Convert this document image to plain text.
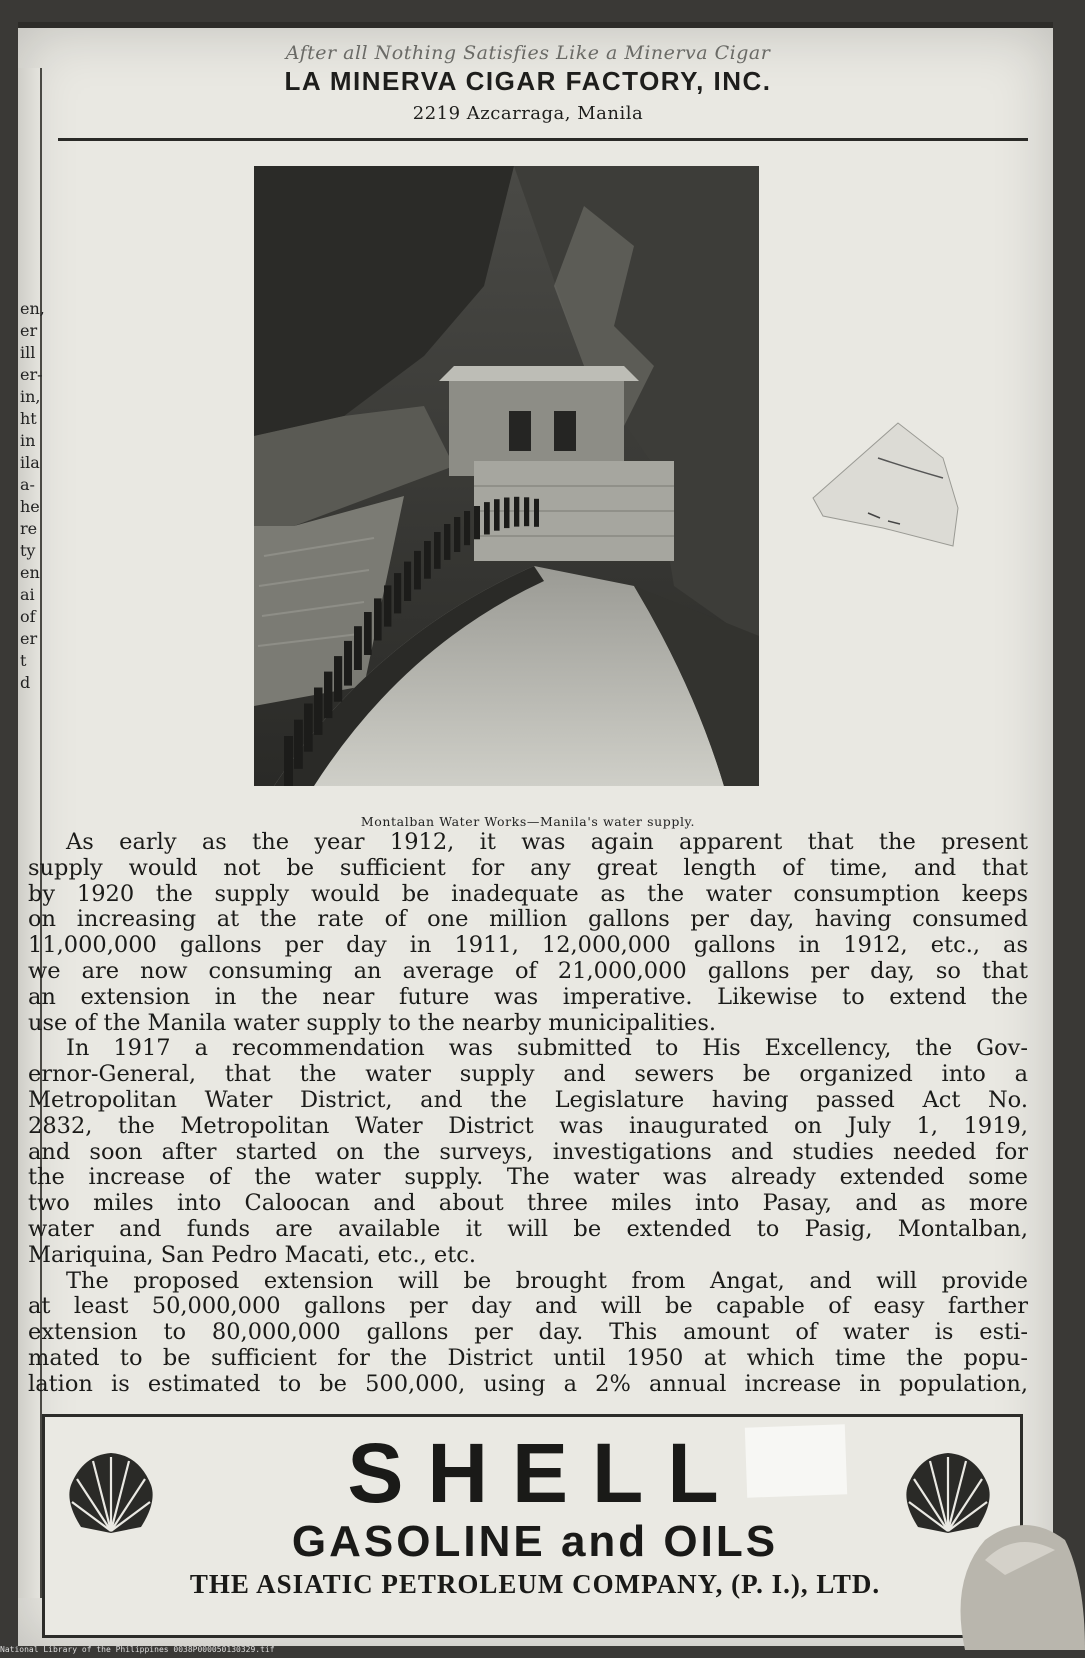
en,
er
ill
er-
in,
ht
in
ila
a-
he
re
ty
en
ai
of
er
t
d
After all Nothing Satisfies Like a Minerva Cigar
LA MINERVA CIGAR FACTORY, INC.
2219 Azcarraga, Manila
Montalban Water Works—Manila's water supply.
As early as the year 1912, it was again apparent that the present
supply would not be sufficient for any great length of time, and that
by 1920 the supply would be inadequate as the water consumption keeps
on increasing at the rate of one million gallons per day, having consumed
11,000,000 gallons per day in 1911, 12,000,000 gallons in 1912, etc., as
we are now consuming an average of 21,000,000 gallons per day, so that
an extension in the near future was imperative. Likewise to extend the
use of the Manila water supply to the nearby municipalities.
In 1917 a recommendation was submitted to His Excellency, the Gov-
ernor-General, that the water supply and sewers be organized into a
Metropolitan Water District, and the Legislature having passed Act No.
2832, the Metropolitan Water District was inaugurated on July 1, 1919,
and soon after started on the surveys, investigations and studies needed for
the increase of the water supply. The water was already extended some
two miles into Caloocan and about three miles into Pasay, and as more
water and funds are available it will be extended to Pasig, Montalban,
Mariquina, San Pedro Macati, etc., etc.
The proposed extension will be brought from Angat, and will provide
at least 50,000,000 gallons per day and will be capable of easy farther
extension to 80,000,000 gallons per day. This amount of water is esti-
mated to be sufficient for the District until 1950 at which time the popu-
lation is estimated to be 500,000, using a 2% annual increase in population,
SHELL
GASOLINE and OILS
THE ASIATIC PETROLEUM COMPANY, (P. I.), LTD.
National Library of the Philippines 0038P000050130329.tif
